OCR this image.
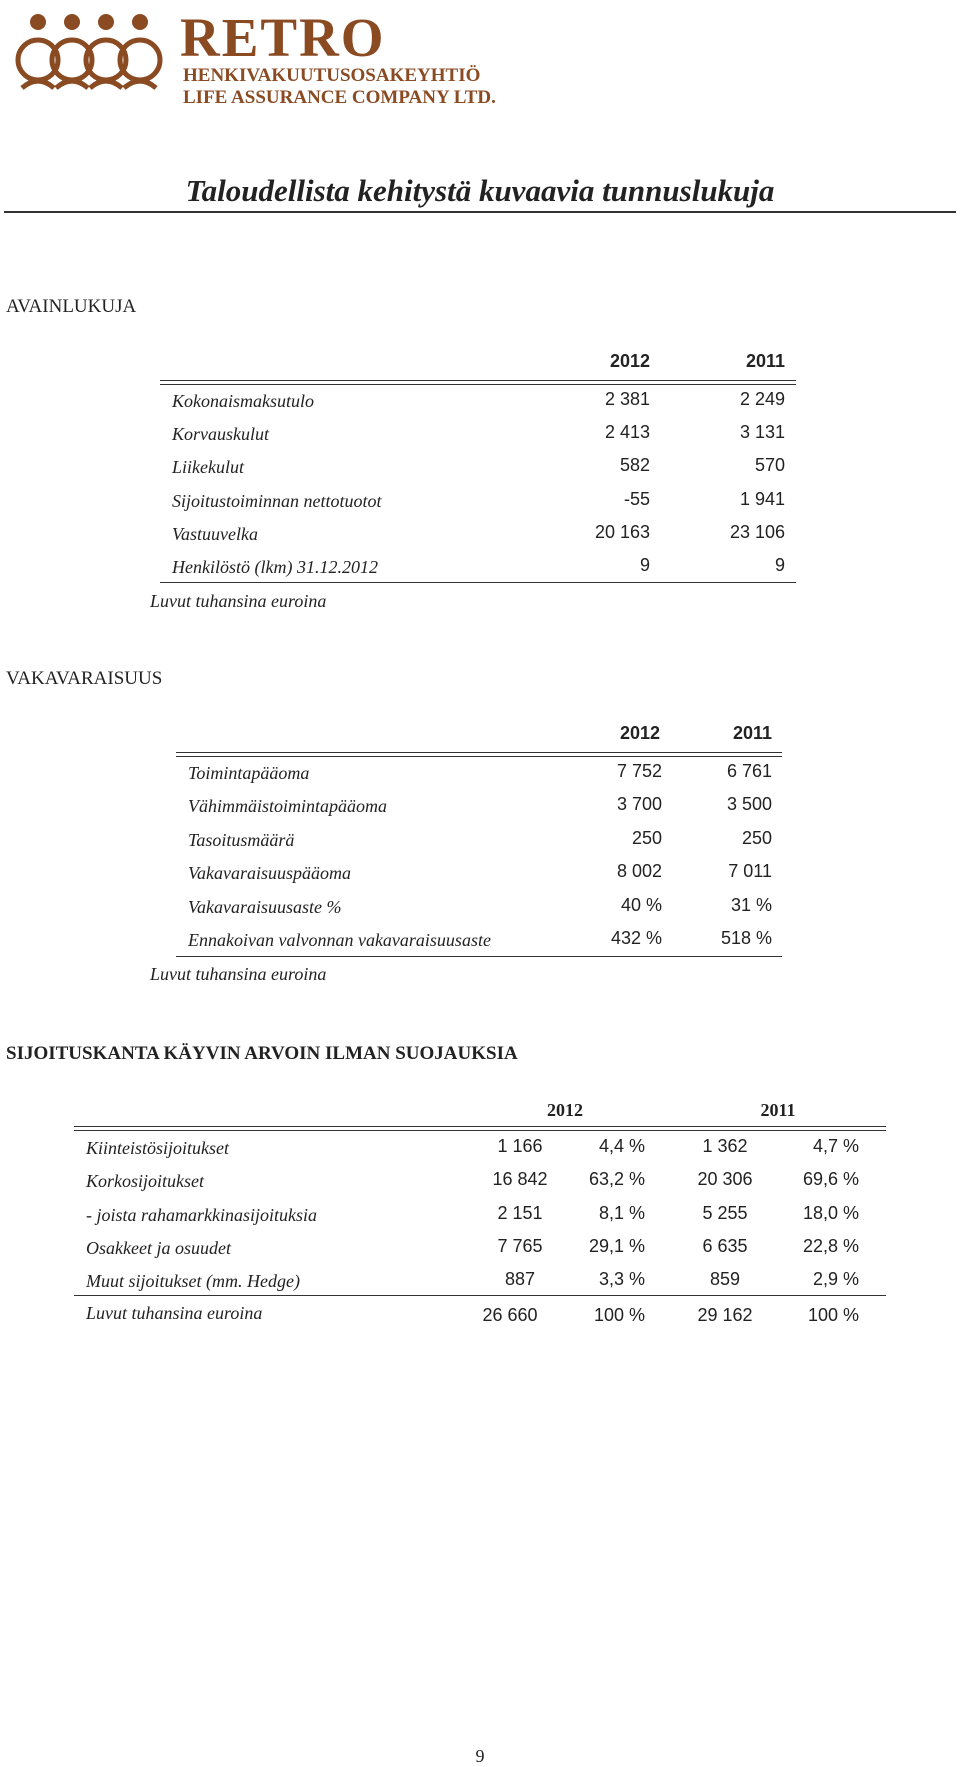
RETRO
HENKIVAKUUTUSOSAKEYHTIÖ
LIFE ASSURANCE COMPANY LTD.
Taloudellista kehitystä kuvaavia tunnuslukuja
AVAINLUKUJA
2012	2011
Kokonaismaksutulo	2 381	2 249
Korvauskulut	2 413	3 131
Liikekulut	582	570
Sijoitustoiminnan nettotuotot	-55	1 941
Vastuuvelka	20 163	23 106
Henkilöstö (lkm) 31.12.2012	9	9
Luvut tuhansina euroina
VAKAVARAISUUS
2012	2011
Toimintapääoma	7 752	6 761
Vähimmäistoimintapääoma	3 700	3 500
Tasoitusmäärä	250	250
Vakavaraisuuspääoma	8 002	7 011
Vakavaraisuusaste %	40 %	31 %
Ennakoivan valvonnan vakavaraisuusaste	432 %	518 %
Luvut tuhansina euroina
SIJOITUSKANTA KÄYVIN ARVOIN ILMAN SUOJAUKSIA
2012	2011
Kiinteistösijoitukset	1 166	4,4 %	1 362	4,7 %
Korkosijoitukset	16 842	63,2 %	20 306	69,6 %
- joista rahamarkkinasijoituksia	2 151	8,1 %	5 255	18,0 %
Osakkeet ja osuudet	7 765	29,1 %	6 635	22,8 %
Muut sijoitukset (mm. Hedge)	887	3,3 %	859	2,9 %
Luvut tuhansina euroina	26 660	100 %	29 162	100 %
9
